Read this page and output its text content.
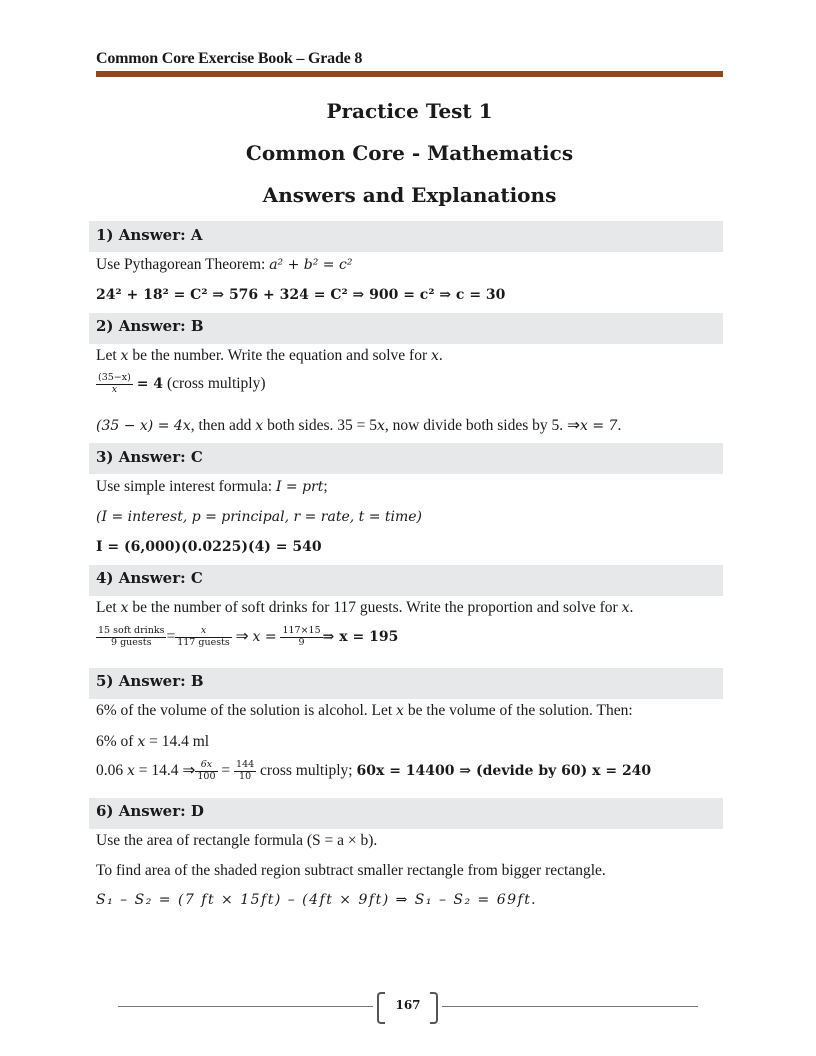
Common Core Exercise Book – Grade 8
Practice Test 1
Common Core - Mathematics
Answers and Explanations
1) Answer: A
Use Pythagorean Theorem: a² + b² = c²
24² + 18² = C² ⇒ 576 + 324 = C² ⇒ 900 = c² ⇒ c = 30
2) Answer: B
Let x be the number. Write the equation and solve for x.
$\frac{(35-x)}{x} = 4$ (cross multiply)
(35 − x) = 4x, then add x both sides. 35 = 5x, now divide both sides by 5. ⇒x = 7.
3) Answer: C
Use simple interest formula: I = prt;
(I = interest, p = principal, r = rate, t = time)
I = (6,000)(0.0225)(4) = 540
4) Answer: C
Let x be the number of soft drinks for 117 guests. Write the proportion and solve for x.
$\frac{\text{15 soft drinks}}{\text{9 guests}} = \frac{x}{\text{117 guests}}$ ⇒ $x = \frac{117\times 15}{9}$ ⇒ x = 195
5) Answer: B
6% of the volume of the solution is alcohol. Let x be the volume of the solution. Then:
6% of x = 14.4 ml
0.06 x = 14.4 ⇒ $\frac{6x}{100} = \frac{144}{10}$ cross multiply; 60x = 14400 ⇒ (devide by 60) x = 240
6) Answer: D
Use the area of rectangle formula (S = a × b).
To find area of the shaded region subtract smaller rectangle from bigger rectangle.
S₁ – S₂ = (7 ft × 15ft) – (4ft × 9ft) ⇒ S₁ – S₂ = 69ft.
167
